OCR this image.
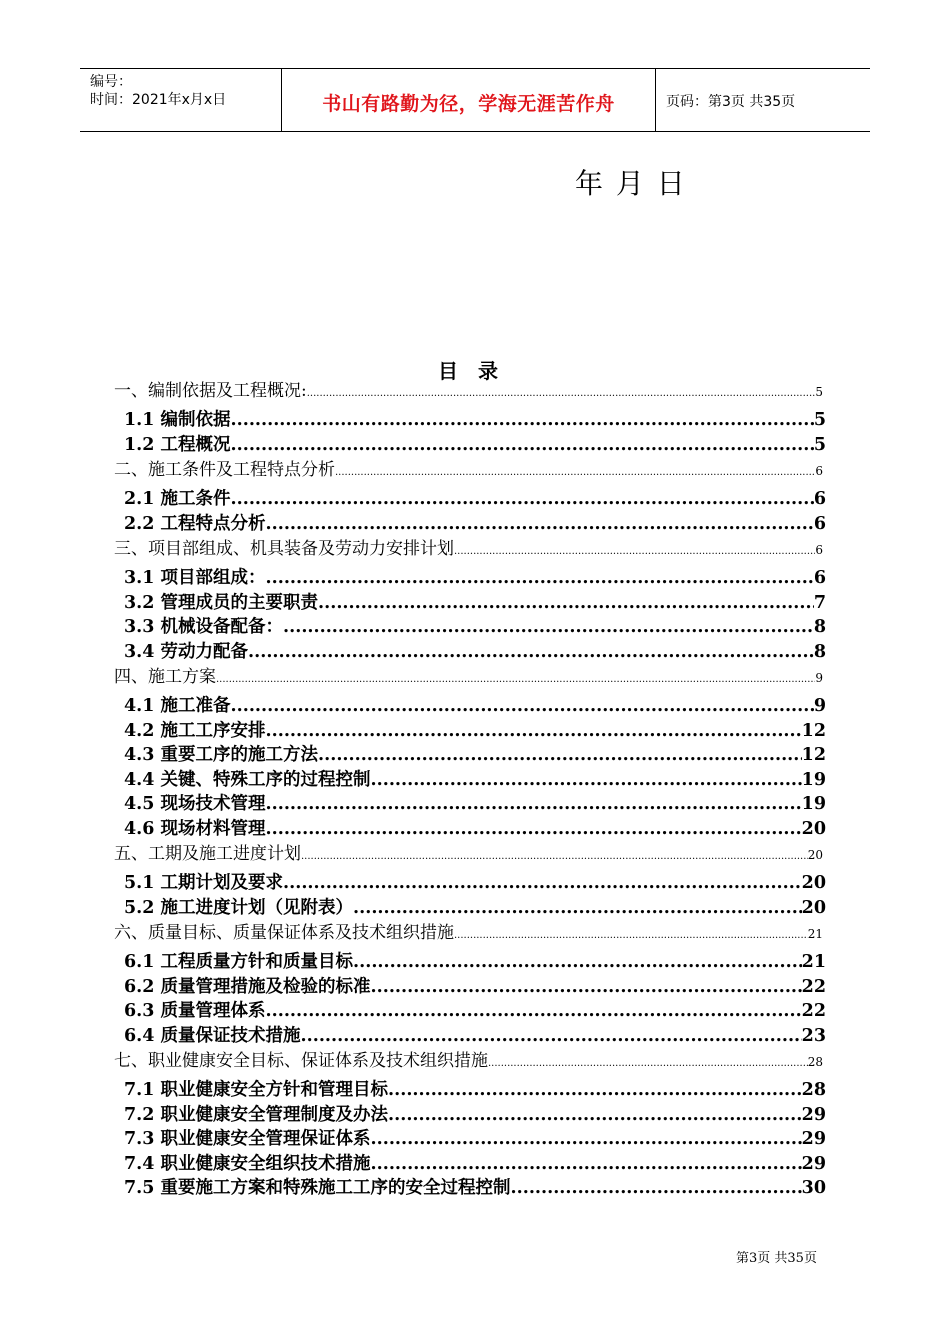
编号：
时间：2021年x月x日	书山有路勤为径，学海无涯苦作舟	页码：第3页 共35页
年 月 日
目　录
一、编制依据及工程概况: .....	5
1.1 编制依据 .....	5
1.2 工程概况 .....	5
二、施工条件及工程特点分析 .....	6
2.1 施工条件 .....	6
2.2 工程特点分析 .....	6
三、项目部组成、机具装备及劳动力安排计划 .....	6
3.1 项目部组成： .....	6
3.2 管理成员的主要职责 .....	7
3.3 机械设备配备： .....	8
3.4 劳动力配备 .....	8
四、施工方案 .....	9
4.1 施工准备 .....	9
4.2 施工工序安排 .....	12
4.3 重要工序的施工方法 .....	12
4.4 关键、特殊工序的过程控制 .....	19
4.5 现场技术管理 .....	19
4.6 现场材料管理 .....	20
五、工期及施工进度计划 .....	20
5.1 工期计划及要求 .....	20
5.2 施工进度计划（见附表） .....	20
六、质量目标、质量保证体系及技术组织措施 .....	21
6.1 工程质量方针和质量目标 .....	21
6.2 质量管理措施及检验的标准 .....	22
6.3 质量管理体系 .....	22
6.4 质量保证技术措施 .....	23
七、职业健康安全目标、保证体系及技术组织措施 .....	28
7.1 职业健康安全方针和管理目标 .....	28
7.2 职业健康安全管理制度及办法 .....	29
7.3 职业健康安全管理保证体系 .....	29
7.4 职业健康安全组织技术措施 .....	29
7.5 重要施工方案和特殊施工工序的安全过程控制 .....	30
第3页 共35页
